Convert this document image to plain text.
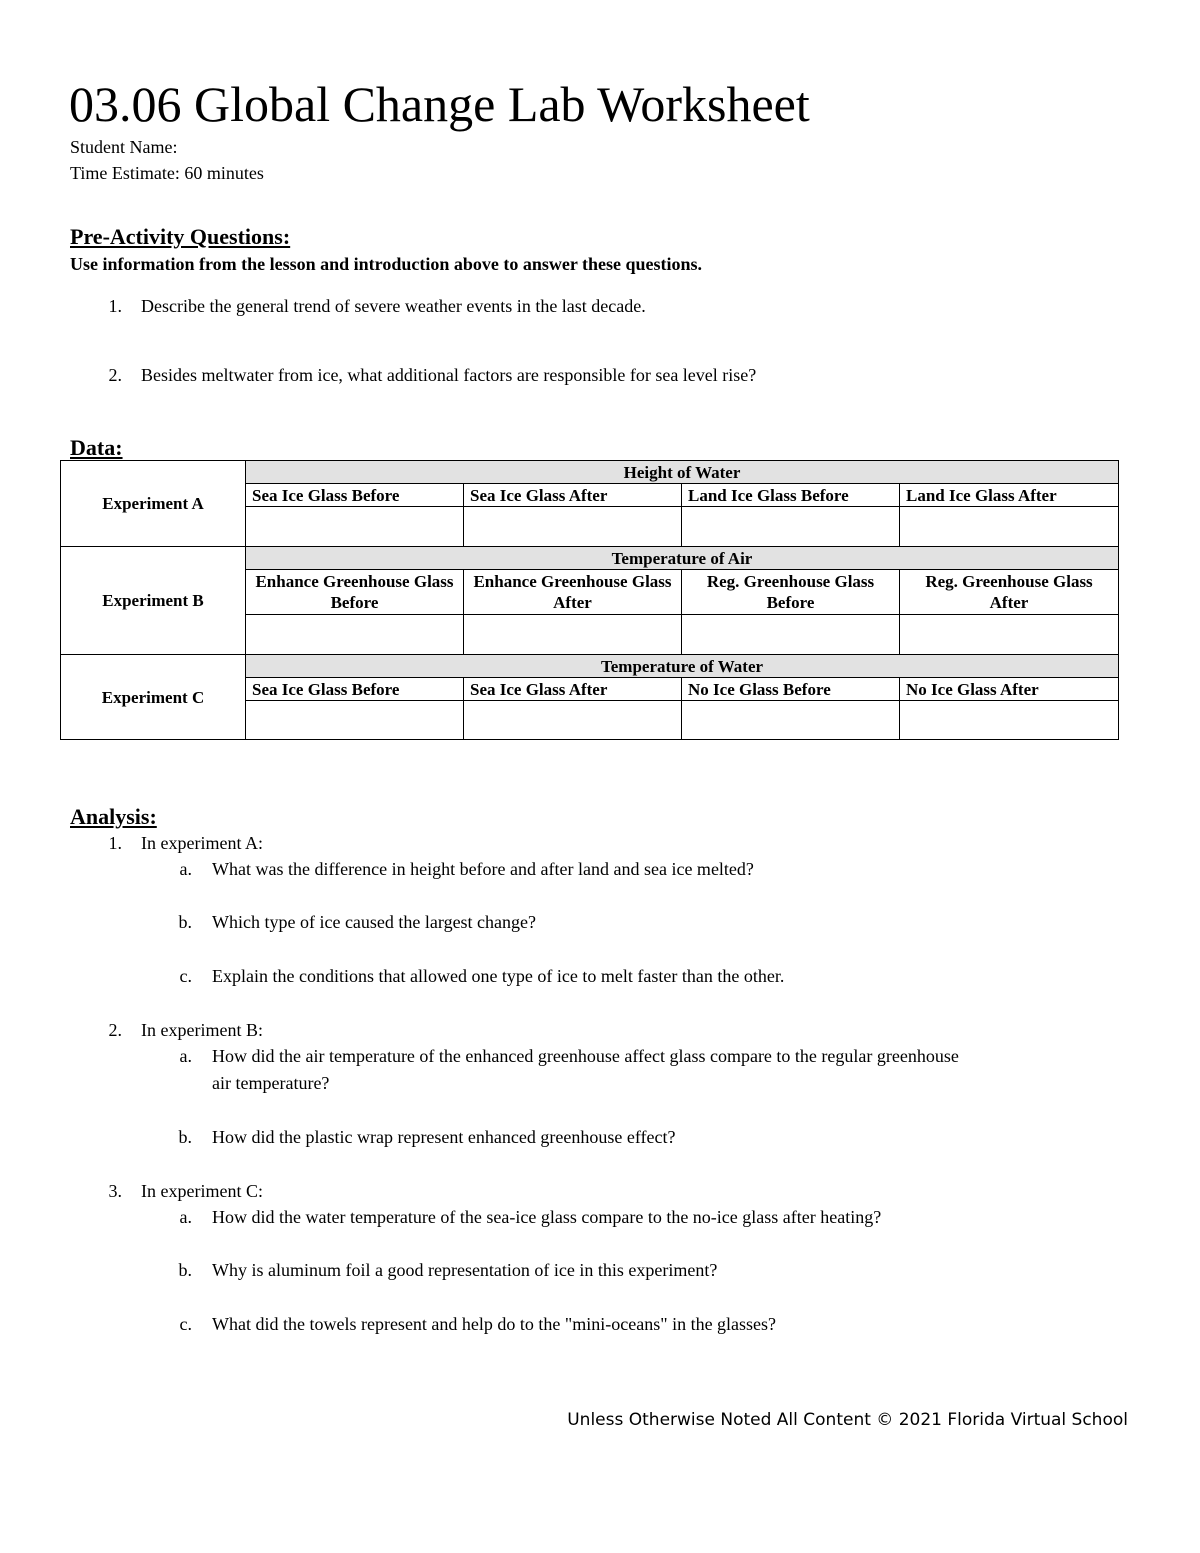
03.06 Global Change Lab Worksheet
Student Name:
Time Estimate: 60 minutes
Pre-Activity Questions:
Use information from the lesson and introduction above to answer these questions.
1. Describe the general trend of severe weather events in the last decade.
2. Besides meltwater from ice, what additional factors are responsible for sea level rise?
Data:
Experiment A	Height of Water			
	Sea Ice Glass Before	Sea Ice Glass After	Land Ice Glass Before	Land Ice Glass After

Experiment B	Temperature of Air			
	Enhance Greenhouse Glass Before	Enhance Greenhouse Glass After	Reg. Greenhouse Glass Before	Reg. Greenhouse Glass After

Experiment C	Temperature of Water			
	Sea Ice Glass Before	Sea Ice Glass After	No Ice Glass Before	No Ice Glass After

Analysis:
1. In experiment A:
a. What was the difference in height before and after land and sea ice melted?
b. Which type of ice caused the largest change?
c. Explain the conditions that allowed one type of ice to melt faster than the other.
2. In experiment B:
a. How did the air temperature of the enhanced greenhouse affect glass compare to the regular greenhouse
air temperature?
b. How did the plastic wrap represent enhanced greenhouse effect?
3. In experiment C:
a. How did the water temperature of the sea-ice glass compare to the no-ice glass after heating?
b. Why is aluminum foil a good representation of ice in this experiment?
c. What did the towels represent and help do to the "mini-oceans" in the glasses?
Unless Otherwise Noted All Content © 2021 Florida Virtual School
